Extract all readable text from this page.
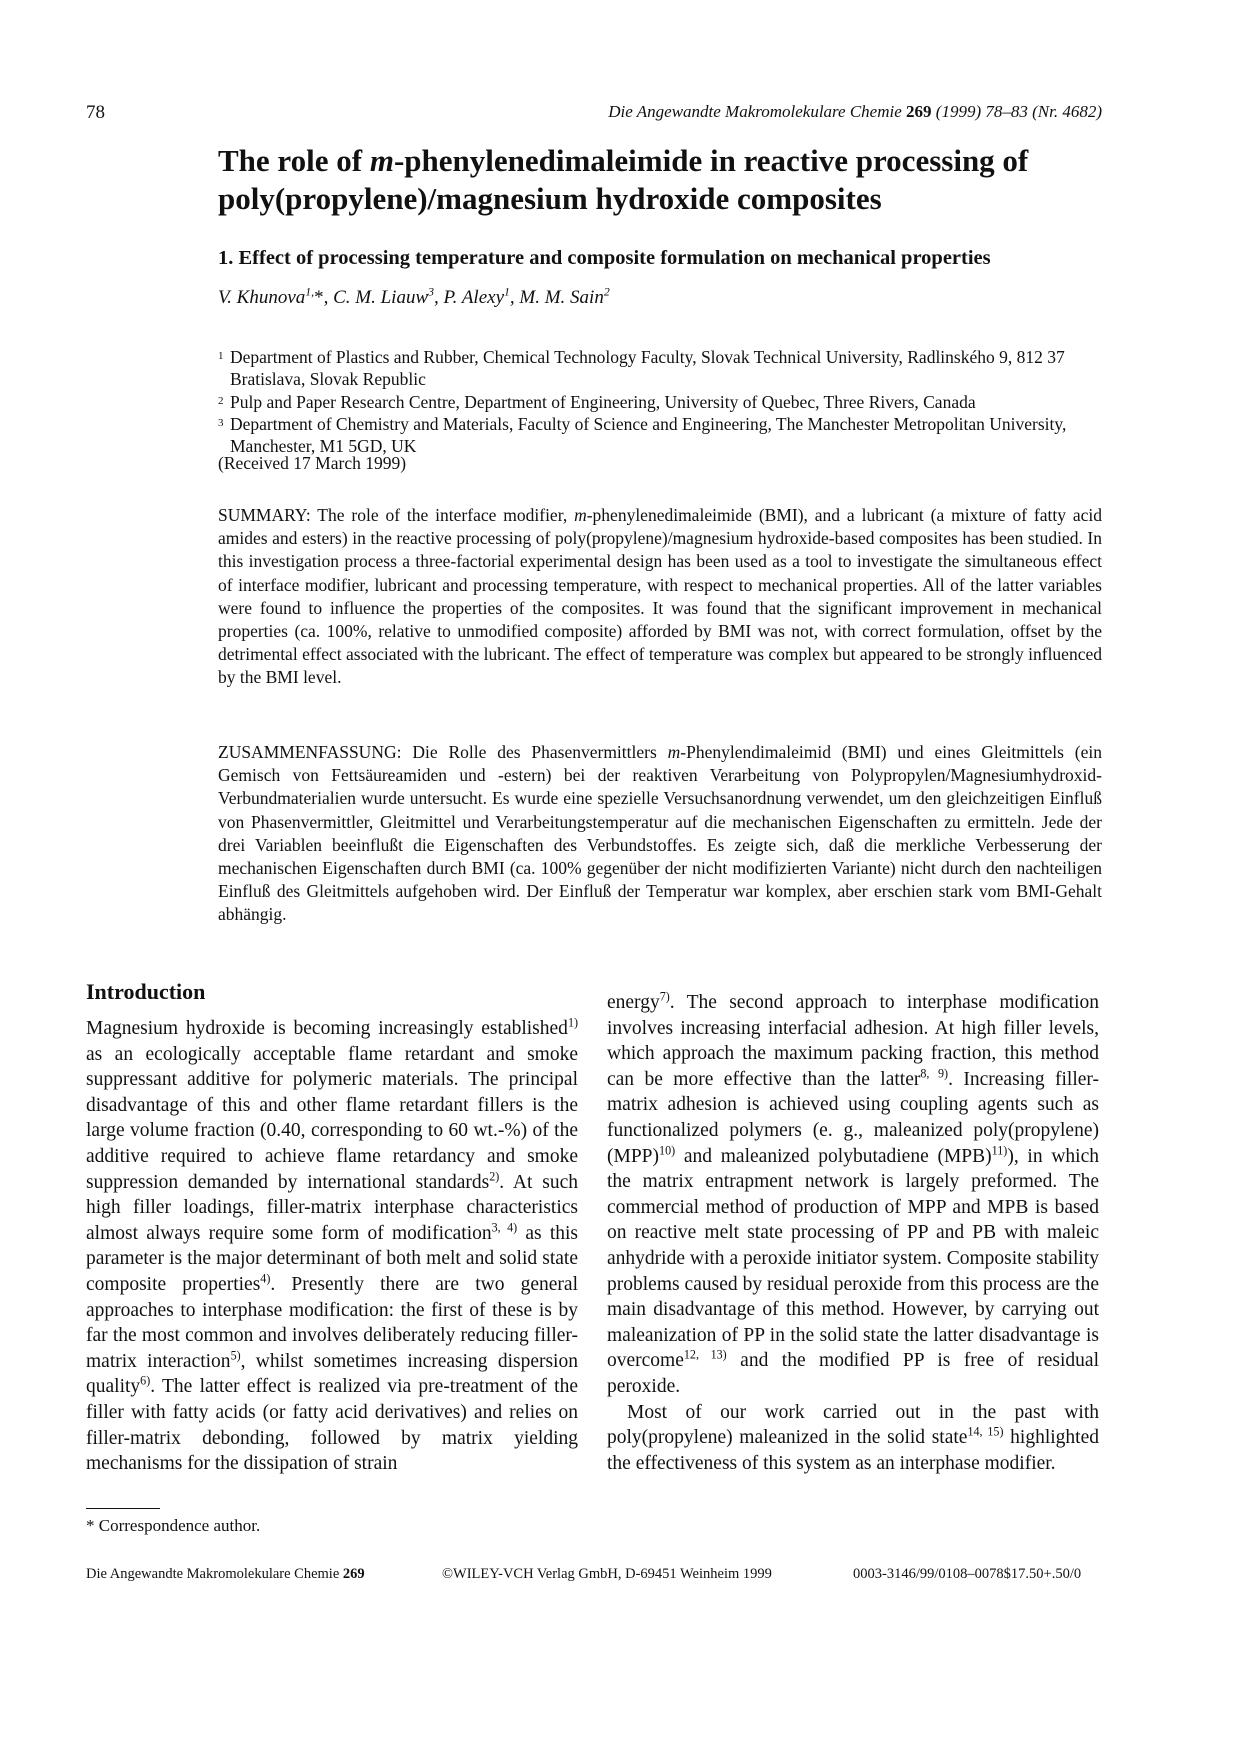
78	Die Angewandte Makromolekulare Chemie 269 (1999) 78–83 (Nr. 4682)
The role of m-phenylenedimaleimide in reactive processing of
poly(propylene)/magnesium hydroxide composites
1. Effect of processing temperature and composite formulation on mechanical properties
V. Khunova$^{1,}$*, C. M. Liauw$^3$, P. Alexy$^1$, M. M. Sain$^2$
1 Department of Plastics and Rubber, Chemical Technology Faculty, Slovak Technical University, Radlinského 9, 812 37 Bratislava, Slovak Republic
2 Pulp and Paper Research Centre, Department of Engineering, University of Quebec, Three Rivers, Canada
3 Department of Chemistry and Materials, Faculty of Science and Engineering, The Manchester Metropolitan University, Manchester, M1 5GD, UK
(Received 17 March 1999)
SUMMARY: The role of the interface modifier, m-phenylenedimaleimide (BMI), and a lubricant (a mixture of fatty acid amides and esters) in the reactive processing of poly(propylene)/magnesium hydroxide-based composites has been studied. In this investigation process a three-factorial experimental design has been used as a tool to investigate the simultaneous effect of interface modifier, lubricant and processing temperature, with respect to mechanical properties. All of the latter variables were found to influence the properties of the composites. It was found that the significant improvement in mechanical properties (ca. 100%, relative to unmodified composite) afforded by BMI was not, with correct formulation, offset by the detrimental effect associated with the lubricant. The effect of temperature was complex but appeared to be strongly influenced by the BMI level.
ZUSAMMENFASSUNG: Die Rolle des Phasenvermittlers m-Phenylendimaleimid (BMI) und eines Gleitmittels (ein Gemisch von Fettsäureamiden und -estern) bei der reaktiven Verarbeitung von Polypropylen/Magnesiumhydroxid-Verbundmaterialien wurde untersucht. Es wurde eine spezielle Versuchsanordnung verwendet, um den gleichzeitigen Einfluß von Phasenvermittler, Gleitmittel und Verarbeitungstemperatur auf die mechanischen Eigenschaften zu ermitteln. Jede der drei Variablen beeinflußt die Eigenschaften des Verbundstoffes. Es zeigte sich, daß die merkliche Verbesserung der mechanischen Eigenschaften durch BMI (ca. 100% gegenüber der nicht modifizierten Variante) nicht durch den nachteiligen Einfluß des Gleitmittels aufgehoben wird. Der Einfluß der Temperatur war komplex, aber erschien stark vom BMI-Gehalt abhängig.
Introduction

Magnesium hydroxide is becoming increasingly established$^{1)}$ as an ecologically acceptable flame retardant and smoke suppressant additive for polymeric materials. The principal disadvantage of this and other flame retardant fillers is the large volume fraction (0.40, corresponding to 60 wt.-%) of the additive required to achieve flame retardancy and smoke suppression demanded by international standards$^{2)}$. At such high filler loadings, filler-matrix interphase characteristics almost always require some form of modification$^{3, 4)}$ as this parameter is the major determinant of both melt and solid state composite properties$^{4)}$. Presently there are two general approaches to interphase modification: the first of these is by far the most common and involves deliberately reducing filler-matrix interaction$^{5)}$, whilst sometimes increasing dispersion quality$^{6)}$. The latter effect is realized via pre-treatment of the filler with fatty acids (or fatty acid derivatives) and relies on filler-matrix debonding, followed by matrix yielding mechanisms for the dissipation of strain

energy$^{7)}$. The second approach to interphase modification involves increasing interfacial adhesion. At high filler levels, which approach the maximum packing fraction, this method can be more effective than the latter$^{8, 9)}$. Increasing filler-matrix adhesion is achieved using coupling agents such as functionalized polymers (e. g., maleanized poly(propylene) (MPP)$^{10)}$ and maleanized polybutadiene (MPB)$^{11)}$), in which the matrix entrapment network is largely preformed. The commercial method of production of MPP and MPB is based on reactive melt state processing of PP and PB with maleic anhydride with a peroxide initiator system. Composite stability problems caused by residual peroxide from this process are the main disadvantage of this method. However, by carrying out maleanization of PP in the solid state the latter disadvantage is overcome$^{12, 13)}$ and the modified PP is free of residual peroxide.

Most of our work carried out in the past with poly(propylene) maleanized in the solid state$^{14, 15)}$ highlighted the effectiveness of this system as an interphase modifier.

* Correspondence author.
Die Angewandte Makromolekulare Chemie 269	©WILEY-VCH Verlag GmbH, D-69451 Weinheim 1999	0003-3146/99/0108–0078$17.50+.50/0
